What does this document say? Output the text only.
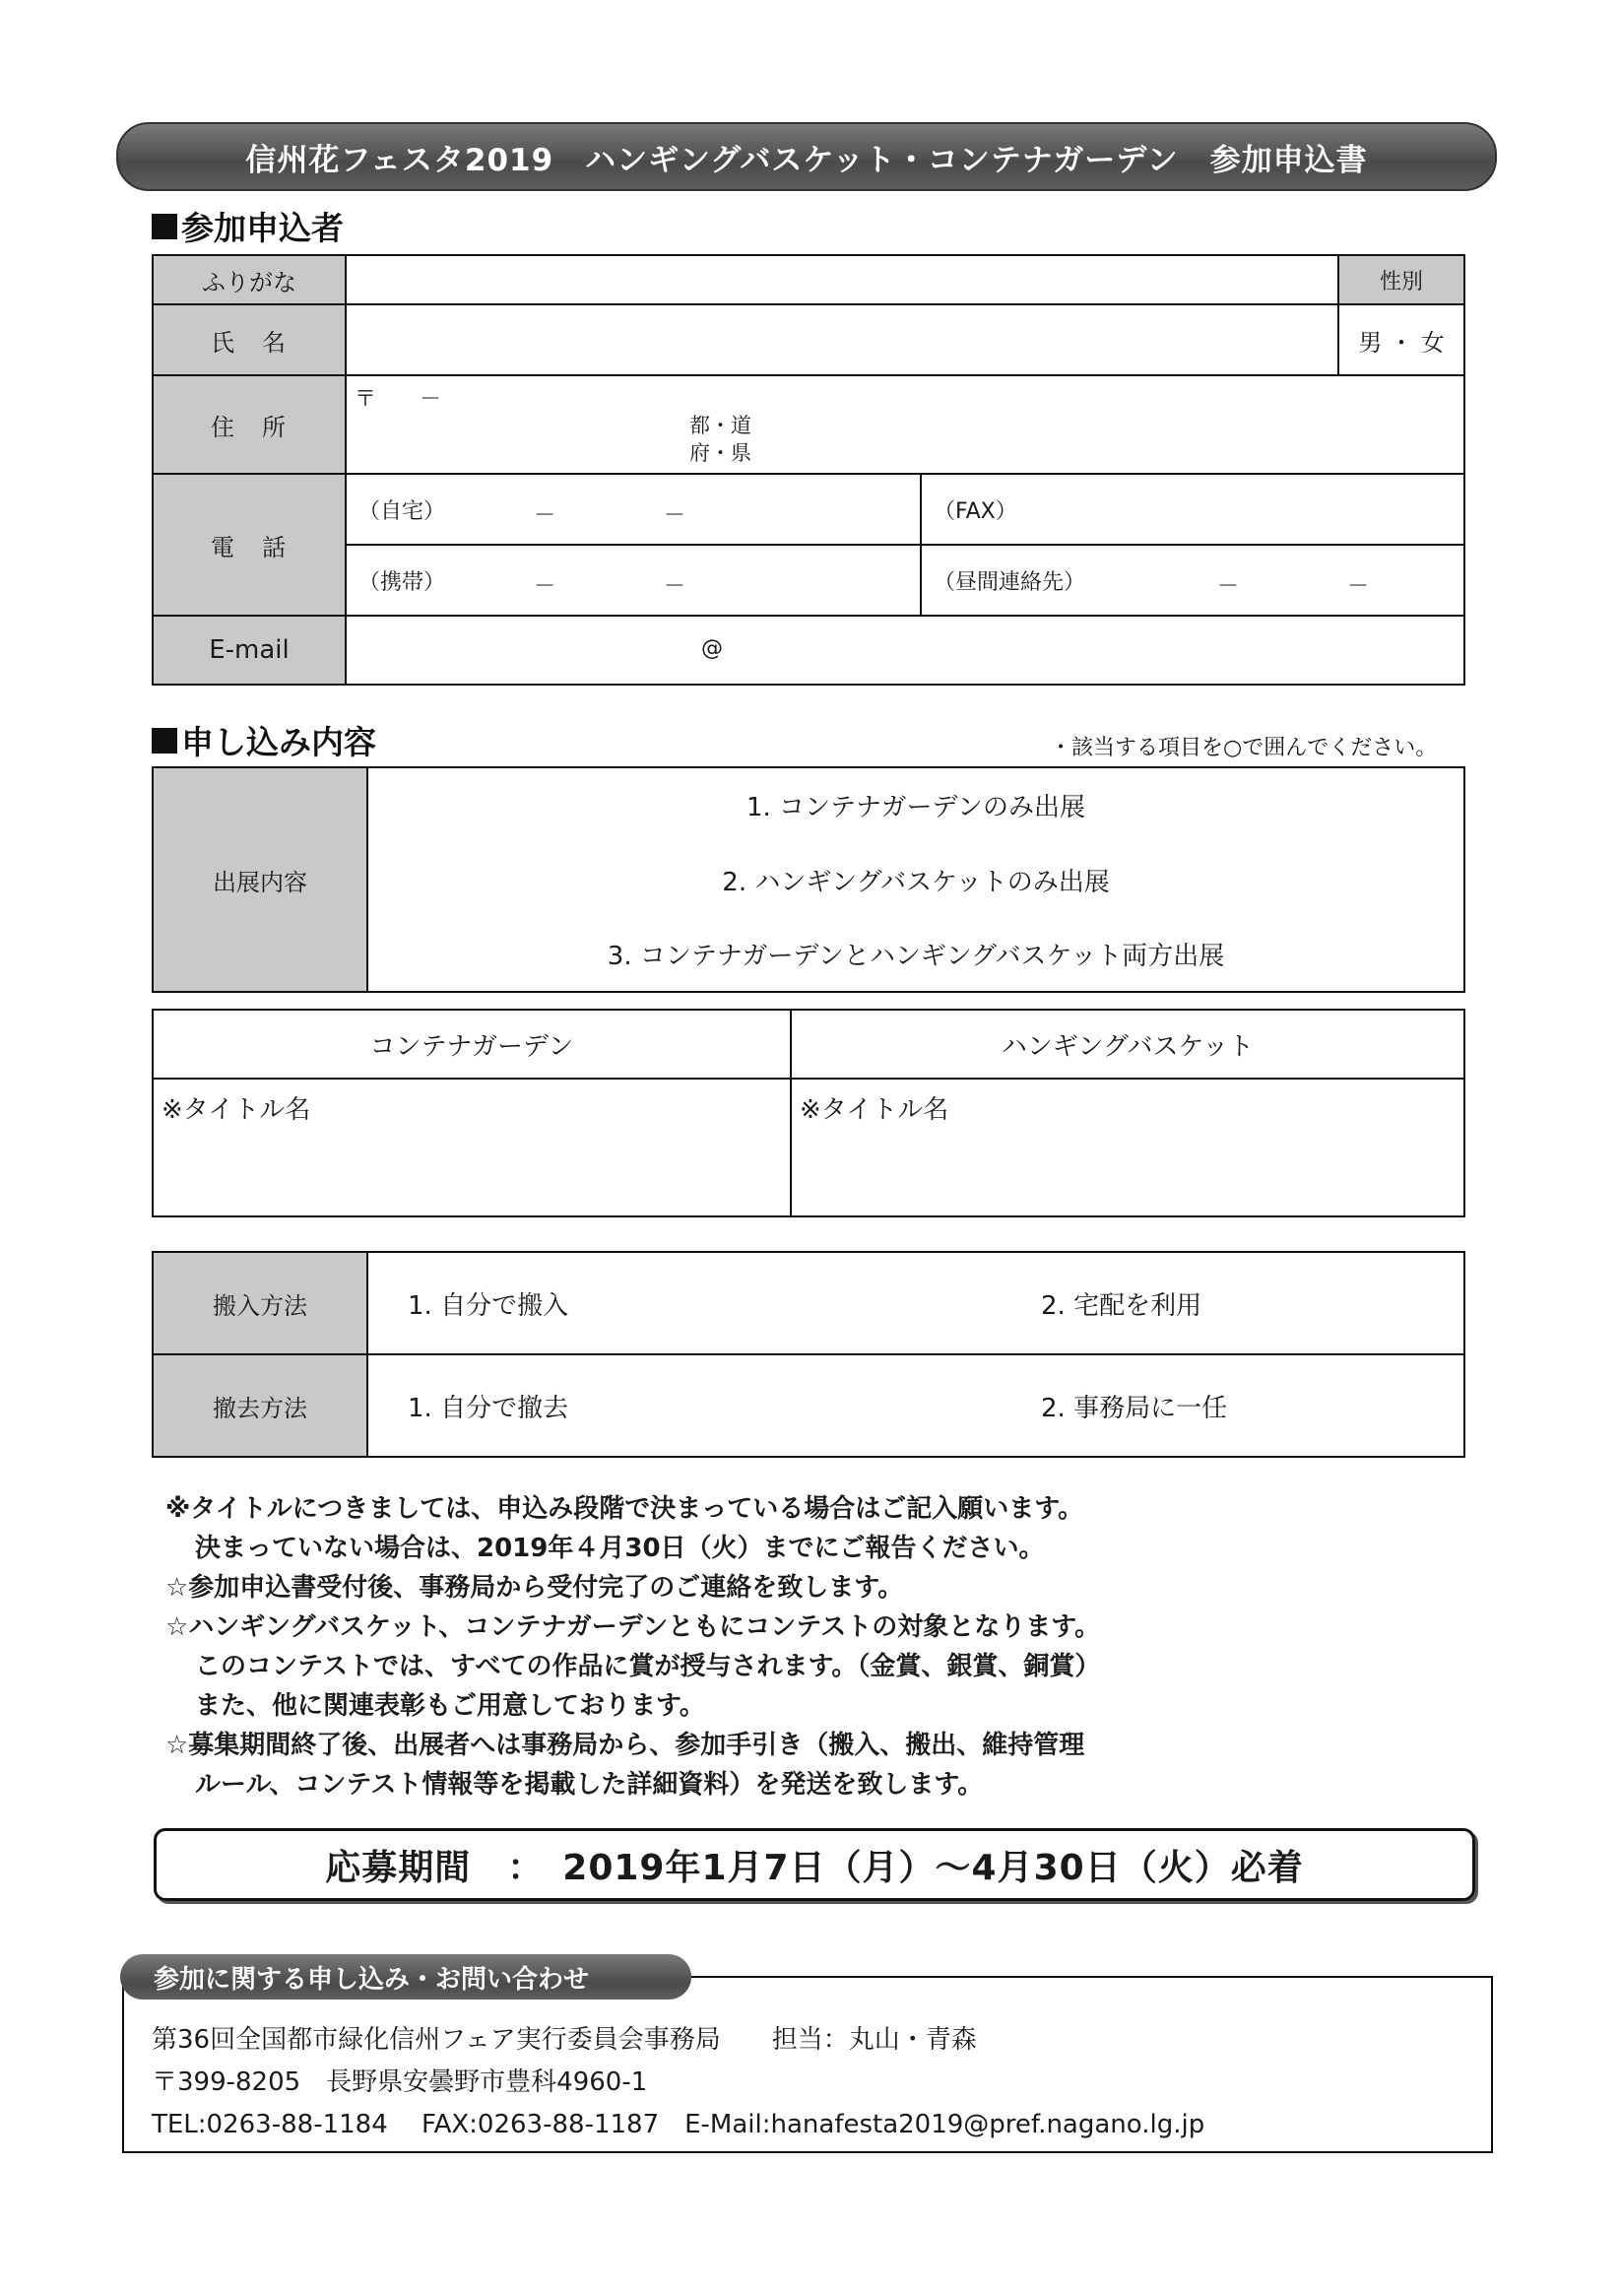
信州花フェスタ2019　ハンギングバスケット・コンテナガーデン　参加申込書
参加申込者
ふりがな			性別
氏　名			男 ・ 女
住　所	〒　　－
都・道
府・県		

電　話	（自宅） －　　　　　－	（FAX）	
	（携帯） －　　　　　－	（昼間連絡先） －　　　　　－	

E-mail	@		
申し込み内容	・該当する項目を○で囲んでください。
出展内容	1. コンテナガーデンのみ出展
2. ハンギングバスケットのみ出展
3. コンテナガーデンとハンギングバスケット両方出展
コンテナガーデン	ハンギングバスケット
※タイトル名	※タイトル名
搬入方法	1. 自分で搬入	2. 宅配を利用
撤去方法	1. 自分で撤去	2. 事務局に一任
※タイトルにつきましては、申込み段階で決まっている場合はご記入願います。
決まっていない場合は、2019年４月30日（火）までにご報告ください。
☆参加申込書受付後、事務局から受付完了のご連絡を致します。
☆ハンギングバスケット、コンテナガーデンともにコンテストの対象となります。
このコンテストでは、すべての作品に賞が授与されます。（金賞、銀賞、銅賞）
また、他に関連表彰もご用意しております。
☆募集期間終了後、出展者へは事務局から、参加手引き（搬入、搬出、維持管理
ルール、コンテスト情報等を掲載した詳細資料）を発送を致します。
応募期間　：　2019年1月7日（月）～4月30日（火）必着
参加に関する申し込み・お問い合わせ
第36回全国都市緑化信州フェア実行委員会事務局　　担当：丸山・青森
〒399-8205　長野県安曇野市豊科4960-1
TEL:0263-88-1184　 FAX:0263-88-1187　E-Mail:hanafesta2019@pref.nagano.lg.jp
